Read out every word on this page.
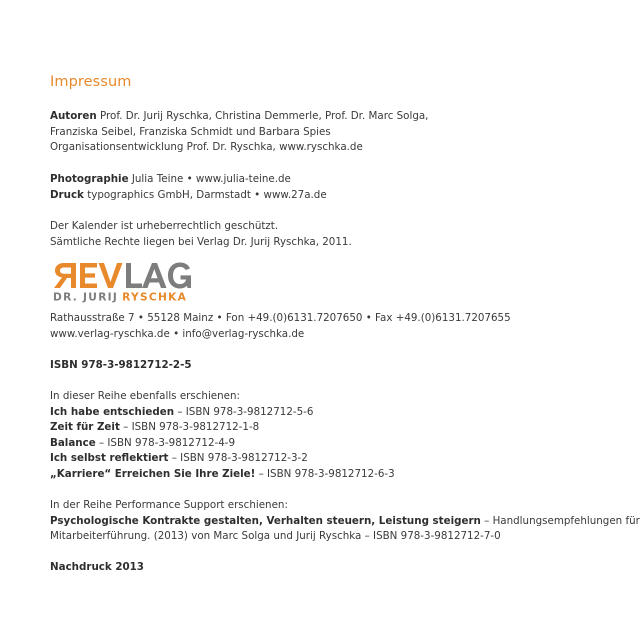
Impressum
Autoren Prof. Dr. Jurij Ryschka, Christina Demmerle, Prof. Dr. Marc Solga,
Franziska Seibel, Franziska Schmidt und Barbara Spies
Organisationsentwicklung Prof. Dr. Ryschka, www.ryschka.de
Photographie Julia Teine • www.julia-teine.de
Druck typographics GmbH, Darmstadt • www.27a.de
Der Kalender ist urheberrechtlich geschützt.
Sämtliche Rechte liegen bei Verlag Dr. Jurij Ryschka, 2011.
DR. JURIJ RYSCHKA
Rathausstraße 7 • 55128 Mainz • Fon +49.(0)6131.7207650 • Fax +49.(0)6131.7207655
www.verlag-ryschka.de • info@verlag-ryschka.de
ISBN 978-3-9812712-2-5
In dieser Reihe ebenfalls erschienen:
Ich habe entschieden – ISBN 978-3-9812712-5-6
Zeit für Zeit – ISBN 978-3-9812712-1-8
Balance – ISBN 978-3-9812712-4-9
Ich selbst reflektiert – ISBN 978-3-9812712-3-2
„Karriere“ Erreichen Sie Ihre Ziele! – ISBN 978-3-9812712-6-3
In der Reihe Performance Support erschienen:
Psychologische Kontrakte gestalten, Verhalten steuern, Leistung steigern – Handlungsempfehlungen für
Mitarbeiterführung. (2013) von Marc Solga und Jurij Ryschka – ISBN 978-3-9812712-7-0
Nachdruck 2013
